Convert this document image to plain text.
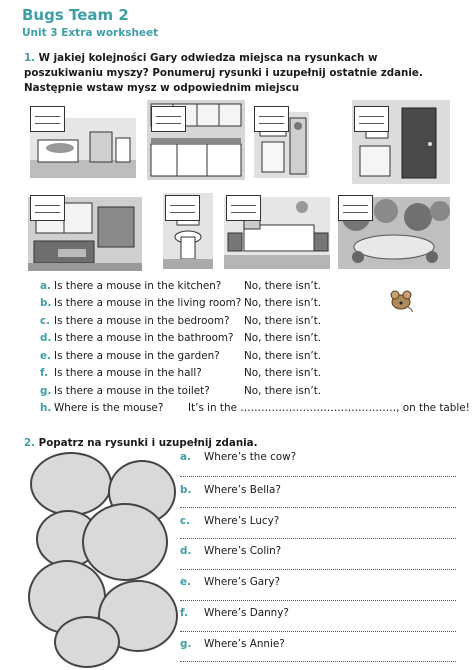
Bugs Team 2
Unit 3 Extra worksheet
1. W jakiej kolejności Gary odwiedza miejsca na rysunkach w poszukiwaniu myszy? Ponumeruj rysunki i uzupełnij ostatnie zdanie. Następnie wstaw mysz w odpowiednim miejscu
a. Is there a mouse in the kitchen? No, there isn’t.
b. Is there a mouse in the living room? No, there isn’t.
c. Is there a mouse in the bedroom? No, there isn’t.
d. Is there a mouse in the bathroom? No, there isn’t.
e. Is there a mouse in the garden? No, there isn’t.
f. Is there a mouse in the hall?	No, there isn’t.
g. Is there a mouse in the toilet?	No, there isn’t.
h. Where is the mouse? It’s in the ………………………………………, on the table!
2. Popatrz na rysunki i uzupełnij zdania.
a. Where’s the cow?
b. Where’s Bella?
c. Where’s Lucy?
d. Where’s Colin?
e. Where’s Gary?
f. Where’s Danny?
g. Where’s Annie?
